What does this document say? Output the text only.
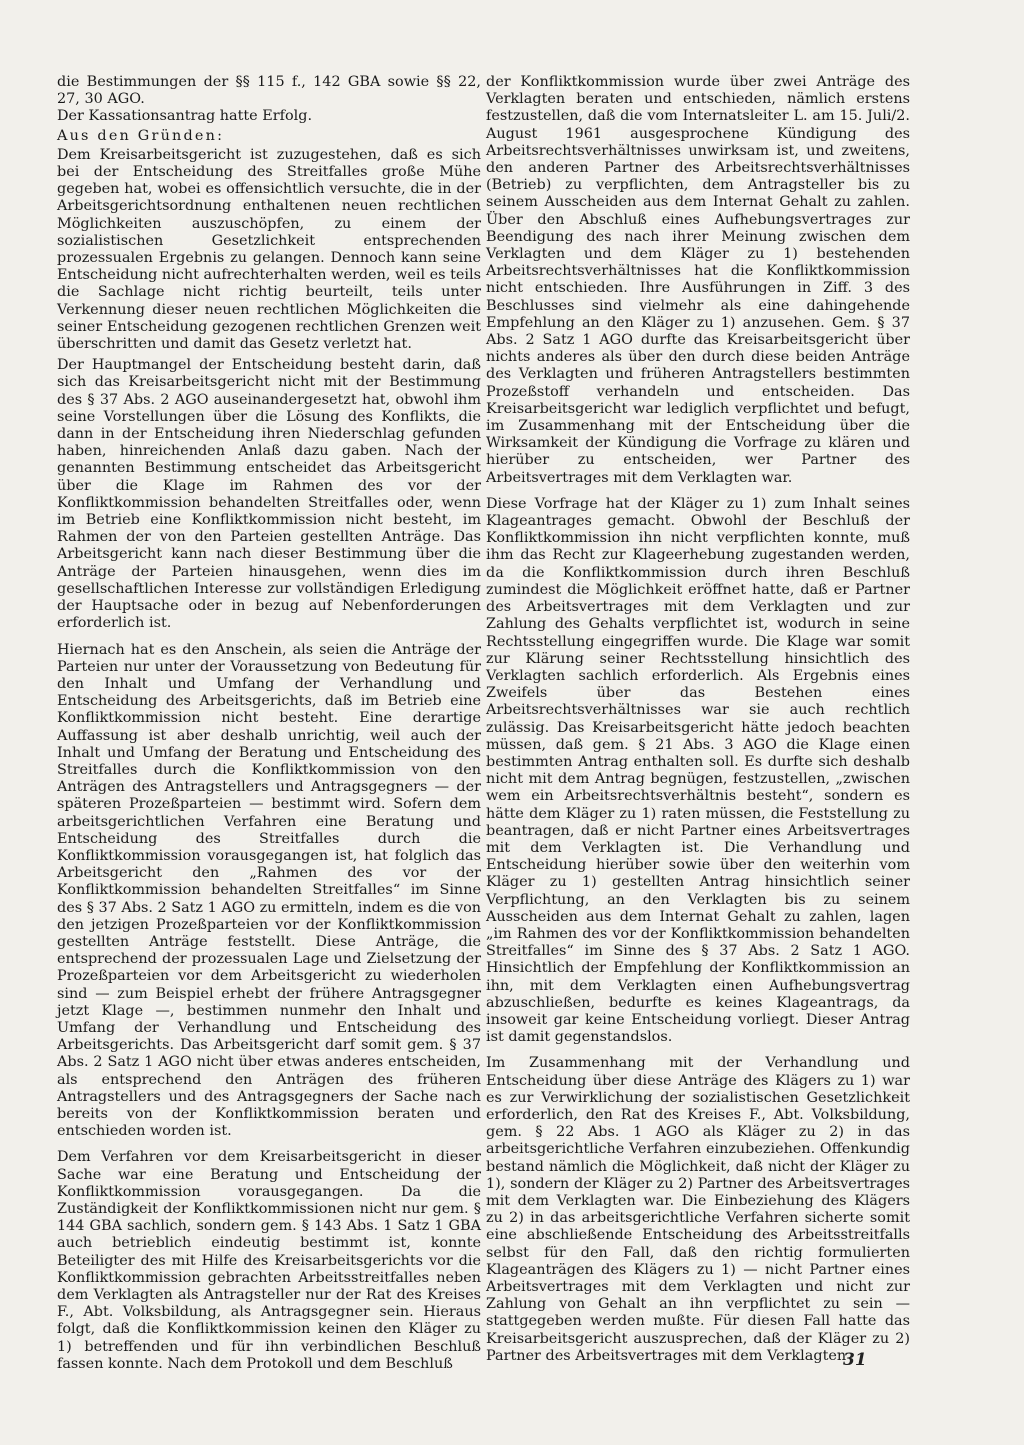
die Bestimmungen der §§ 115 f., 142 GBA sowie §§ 22, 27, 30 AGO.

Der Kassationsantrag hatte Erfolg.

Aus den Gründen:

Dem Kreisarbeitsgericht ist zuzugestehen, daß es sich bei der Entscheidung des Streitfalles große Mühe gegeben hat, wobei es offensichtlich versuchte, die in der Arbeitsgerichtsordnung enthaltenen neuen rechtlichen Möglichkeiten auszuschöpfen, zu einem der sozialistischen Gesetzlichkeit entsprechenden prozessualen Ergebnis zu gelangen. Dennoch kann seine Entscheidung nicht aufrechterhalten werden, weil es teils die Sachlage nicht richtig beurteilt, teils unter Verkennung dieser neuen rechtlichen Möglichkeiten die seiner Entscheidung gezogenen rechtlichen Grenzen weit überschritten und damit das Gesetz verletzt hat.

Der Hauptmangel der Entscheidung besteht darin, daß sich das Kreisarbeitsgericht nicht mit der Bestimmung des § 37 Abs. 2 AGO auseinandergesetzt hat, obwohl ihm seine Vorstellungen über die Lösung des Konflikts, die dann in der Entscheidung ihren Niederschlag gefunden haben, hinreichenden Anlaß dazu gaben. Nach der genannten Bestimmung entscheidet das Arbeitsgericht über die Klage im Rahmen des vor der Konfliktkommission behandelten Streitfalles oder, wenn im Betrieb eine Konfliktkommission nicht besteht, im Rahmen der von den Parteien gestellten Anträge. Das Arbeitsgericht kann nach dieser Bestimmung über die Anträge der Parteien hinausgehen, wenn dies im gesellschaftlichen Interesse zur vollständigen Erledigung der Hauptsache oder in bezug auf Nebenforderungen erforderlich ist.

Hiernach hat es den Anschein, als seien die Anträge der Parteien nur unter der Voraussetzung von Bedeutung für den Inhalt und Umfang der Verhandlung und Entscheidung des Arbeitsgerichts, daß im Betrieb eine Konfliktkommission nicht besteht. Eine derartige Auffassung ist aber deshalb unrichtig, weil auch der Inhalt und Umfang der Beratung und Entscheidung des Streitfalles durch die Konfliktkommission von den Anträgen des Antragstellers und Antragsgegners — der späteren Prozeßparteien — bestimmt wird. Sofern dem arbeitsgerichtlichen Verfahren eine Beratung und Entscheidung des Streitfalles durch die Konfliktkommission vorausgegangen ist, hat folglich das Arbeitsgericht den „Rahmen des vor der Konfliktkommission behandelten Streitfalles“ im Sinne des § 37 Abs. 2 Satz 1 AGO zu ermitteln, indem es die von den jetzigen Prozeßparteien vor der Konfliktkommission gestellten Anträge feststellt. Diese Anträge, die entsprechend der prozessualen Lage und Zielsetzung der Prozeßparteien vor dem Arbeitsgericht zu wiederholen sind — zum Beispiel erhebt der frühere Antragsgegner jetzt Klage —, bestimmen nunmehr den Inhalt und Umfang der Verhandlung und Entscheidung des Arbeitsgerichts. Das Arbeitsgericht darf somit gem. § 37 Abs. 2 Satz 1 AGO nicht über etwas anderes entscheiden, als entsprechend den Anträgen des früheren Antragstellers und des Antragsgegners der Sache nach bereits von der Konfliktkommission beraten und entschieden worden ist.

Dem Verfahren vor dem Kreisarbeitsgericht in dieser Sache war eine Beratung und Entscheidung der Konfliktkommission vorausgegangen. Da die Zuständigkeit der Konfliktkommissionen nicht nur gem. § 144 GBA sachlich, sondern gem. § 143 Abs. 1 Satz 1 GBA auch betrieblich eindeutig bestimmt ist, konnte Beteiligter des mit Hilfe des Kreisarbeitsgerichts vor die Konfliktkommission gebrachten Arbeitsstreitfalles neben dem Verklagten als Antragsteller nur der Rat des Kreises F., Abt. Volksbildung, als Antragsgegner sein. Hieraus folgt, daß die Konfliktkommission keinen den Kläger zu 1) betreffenden und für ihn verbindlichen Beschluß fassen konnte. Nach dem Protokoll und dem Beschluß

der Konfliktkommission wurde über zwei Anträge des Verklagten beraten und entschieden, nämlich erstens festzustellen, daß die vom Internatsleiter L. am 15. Juli/2. August 1961 ausgesprochene Kündigung des Arbeitsrechtsverhältnisses unwirksam ist, und zweitens, den anderen Partner des Arbeitsrechtsverhältnisses (Betrieb) zu verpflichten, dem Antragsteller bis zu seinem Ausscheiden aus dem Internat Gehalt zu zahlen. Über den Abschluß eines Aufhebungsvertrages zur Beendigung des nach ihrer Meinung zwischen dem Verklagten und dem Kläger zu 1) bestehenden Arbeitsrechtsverhältnisses hat die Konfliktkommission nicht entschieden. Ihre Ausführungen in Ziff. 3 des Beschlusses sind vielmehr als eine dahingehende Empfehlung an den Kläger zu 1) anzusehen. Gem. § 37 Abs. 2 Satz 1 AGO durfte das Kreisarbeitsgericht über nichts anderes als über den durch diese beiden Anträge des Verklagten und früheren Antragstellers bestimmten Prozeßstoff verhandeln und entscheiden. Das Kreisarbeitsgericht war lediglich verpflichtet und befugt, im Zusammenhang mit der Entscheidung über die Wirksamkeit der Kündigung die Vorfrage zu klären und hierüber zu entscheiden, wer Partner des Arbeitsvertrages mit dem Verklagten war.

Diese Vorfrage hat der Kläger zu 1) zum Inhalt seines Klageantrages gemacht. Obwohl der Beschluß der Konfliktkommission ihn nicht verpflichten konnte, muß ihm das Recht zur Klageerhebung zugestanden werden, da die Konfliktkommission durch ihren Beschluß zumindest die Möglichkeit eröffnet hatte, daß er Partner des Arbeitsvertrages mit dem Verklagten und zur Zahlung des Gehalts verpflichtet ist, wodurch in seine Rechtsstellung eingegriffen wurde. Die Klage war somit zur Klärung seiner Rechtsstellung hinsichtlich des Verklagten sachlich erforderlich. Als Ergebnis eines Zweifels über das Bestehen eines Arbeitsrechtsverhältnisses war sie auch rechtlich zulässig. Das Kreisarbeitsgericht hätte jedoch beachten müssen, daß gem. § 21 Abs. 3 AGO die Klage einen bestimmten Antrag enthalten soll. Es durfte sich deshalb nicht mit dem Antrag begnügen, festzustellen, „zwischen wem ein Arbeitsrechtsverhältnis besteht“, sondern es hätte dem Kläger zu 1) raten müssen, die Feststellung zu beantragen, daß er nicht Partner eines Arbeitsvertrages mit dem Verklagten ist. Die Verhandlung und Entscheidung hierüber sowie über den weiterhin vom Kläger zu 1) gestellten Antrag hinsichtlich seiner Verpflichtung, an den Verklagten bis zu seinem Ausscheiden aus dem Internat Gehalt zu zahlen, lagen „im Rahmen des vor der Konfliktkommission behandelten Streitfalles“ im Sinne des § 37 Abs. 2 Satz 1 AGO. Hinsichtlich der Empfehlung der Konfliktkommission an ihn, mit dem Verklagten einen Aufhebungsvertrag abzuschließen, bedurfte es keines Klageantrags, da insoweit gar keine Entscheidung vorliegt. Dieser Antrag ist damit gegenstandslos.

Im Zusammenhang mit der Verhandlung und Entscheidung über diese Anträge des Klägers zu 1) war es zur Verwirklichung der sozialistischen Gesetzlichkeit erforderlich, den Rat des Kreises F., Abt. Volksbildung, gem. § 22 Abs. 1 AGO als Kläger zu 2) in das arbeitsgerichtliche Verfahren einzubeziehen. Offenkundig bestand nämlich die Möglichkeit, daß nicht der Kläger zu 1), sondern der Kläger zu 2) Partner des Arbeitsvertrages mit dem Verklagten war. Die Einbeziehung des Klägers zu 2) in das arbeitsgerichtliche Verfahren sicherte somit eine abschließende Entscheidung des Arbeitsstreitfalls selbst für den Fall, daß den richtig formulierten Klageanträgen des Klägers zu 1) — nicht Partner eines Arbeitsvertrages mit dem Verklagten und nicht zur Zahlung von Gehalt an ihn verpflichtet zu sein — stattgegeben werden mußte. Für diesen Fall hatte das Kreisarbeitsgericht auszusprechen, daß der Kläger zu 2) Partner des Arbeitsvertrages mit dem Verklagten

31
